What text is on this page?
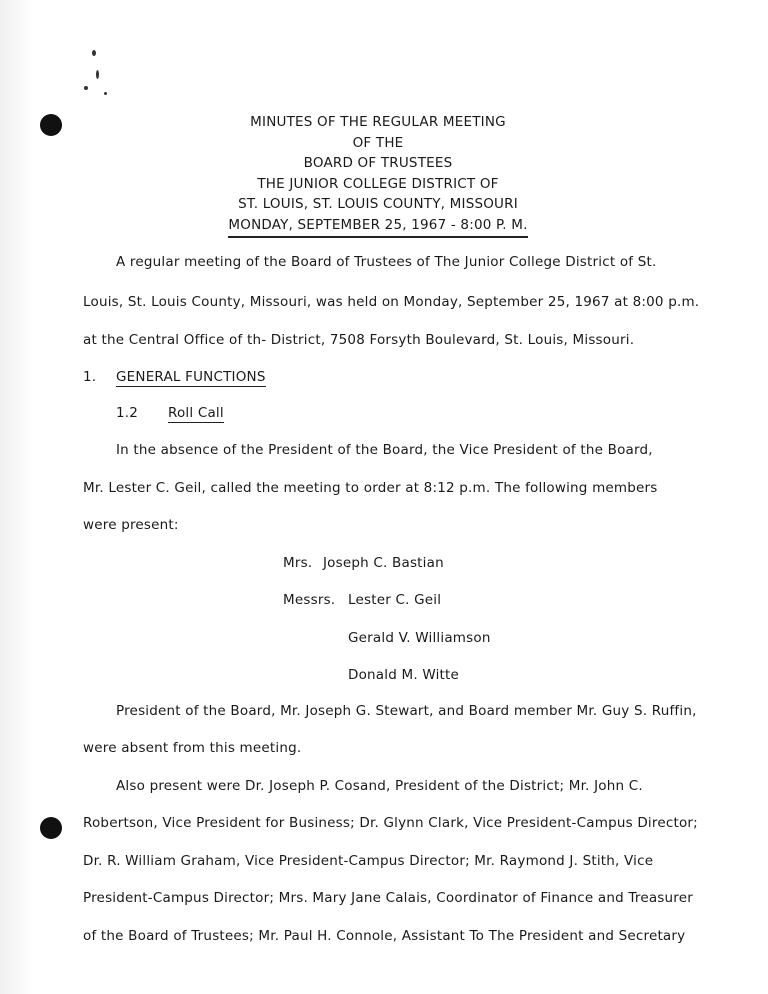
MINUTES OF THE REGULAR MEETING
OF THE
BOARD OF TRUSTEES
THE JUNIOR COLLEGE DISTRICT OF
ST. LOUIS, ST. LOUIS COUNTY, MISSOURI
MONDAY, SEPTEMBER 25, 1967 - 8:00 P. M.
A regular meeting of the Board of Trustees of The Junior College District of St.
Louis, St. Louis County, Missouri, was held on Monday, September 25, 1967 at 8:00 p.m.
at the Central Office of th- District, 7508 Forsyth Boulevard, St. Louis, Missouri.
1. GENERAL FUNCTIONS
1.2 Roll Call
In the absence of the President of the Board, the Vice President of the Board,
Mr. Lester C. Geil, called the meeting to order at 8:12 p.m. The following members
were present:
Mrs. Joseph C. Bastian
Messrs. Lester C. Geil
Gerald V. Williamson
Donald M. Witte
President of the Board, Mr. Joseph G. Stewart, and Board member Mr. Guy S. Ruffin,
were absent from this meeting.
Also present were Dr. Joseph P. Cosand, President of the District; Mr. John C.
Robertson, Vice President for Business; Dr. Glynn Clark, Vice President-Campus Director;
Dr. R. William Graham, Vice President-Campus Director; Mr. Raymond J. Stith, Vice
President-Campus Director; Mrs. Mary Jane Calais, Coordinator of Finance and Treasurer
of the Board of Trustees; Mr. Paul H. Connole, Assistant To The President and Secretary
